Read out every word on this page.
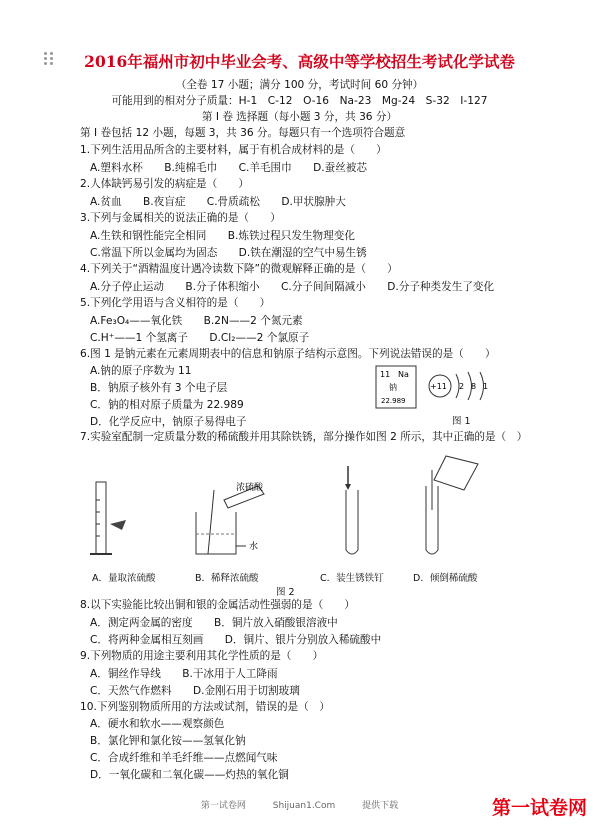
2016年福州市初中毕业会考、高级中等学校招生考试化学试卷
（全卷 17 小题；满分 100 分，考试时间 60 分钟）
可能用到的相对分子质量：H-1　C-12　O-16　Na-23　Mg-24　S-32　I-127
第 I 卷 选择题（每小题 3 分，共 36 分）
第 I 卷包括 12 小题，每题 3，共 36 分。每题只有一个选项符合题意
1.下列生活用品所含的主要材料，属于有机合成材料的是（　　）
A.塑料水杯 B.纯棉毛巾 C.羊毛围巾 D.蚕丝被芯
2.人体缺钙易引发的病症是（　　）
A.贫血 B.夜盲症 C.骨质疏松 D.甲状腺肿大
3.下列与金属相关的说法正确的是（　　）
A.生铁和钢性能完全相同 B.炼铁过程只发生物理变化
C.常温下所以金属均为固态 D.铁在潮湿的空气中易生锈
4.下列关于“酒精温度计遇冷读数下降”的微观解释正确的是（　　）
A.分子停止运动 B.分子体积缩小 C.分子间间隔减小 D.分子种类发生了变化
5.下列化学用语与含义相符的是（　　）
A.Fe₃O₄——氧化铁 B.2N——2 个氮元素
C.H⁺——1 个氢离子 D.Cl₂——2 个氯原子
6.图 1 是钠元素在元素周期表中的信息和钠原子结构示意图。下列说法错误的是（　　）
A.钠的原子序数为 11
B．钠原子核外有 3 个电子层
C．钠的相对原子质量为 22.989
D．化学反应中，钠原子易得电子
11 Na
钠
22.989
+11 2 8 1
图 1
7.实验室配制一定质量分数的稀硫酸并用其除铁锈，部分操作如图 2 所示，其中正确的是（　）
浓硫酸
水
A．量取浓硫酸	B．稀释浓硫酸	C．装生锈铁钉	D．倾倒稀硫酸
图 2
8.以下实验能比较出铜和银的金属活动性强弱的是（　　）
A．测定两金属的密度 B．铜片放入硝酸银溶液中
C．将两种金属相互刻画 D．铜片、银片分别放入稀硫酸中
9.下列物质的用途主要利用其化学性质的是（　　）
A．铜丝作导线 B.干冰用于人工降雨
C．天然气作燃料 D.金刚石用于切割玻璃
10.下列鉴别物质所用的方法或试剂，错误的是（　）
A．硬水和软水——观察颜色
B．氯化钾和氯化铵——氢氧化钠
C．合成纤维和羊毛纤维——点燃闻气味
D．一氧化碳和二氧化碳——灼热的氧化铜
第一试卷网	Shijuan1.Com	提供下载	第一试卷网
